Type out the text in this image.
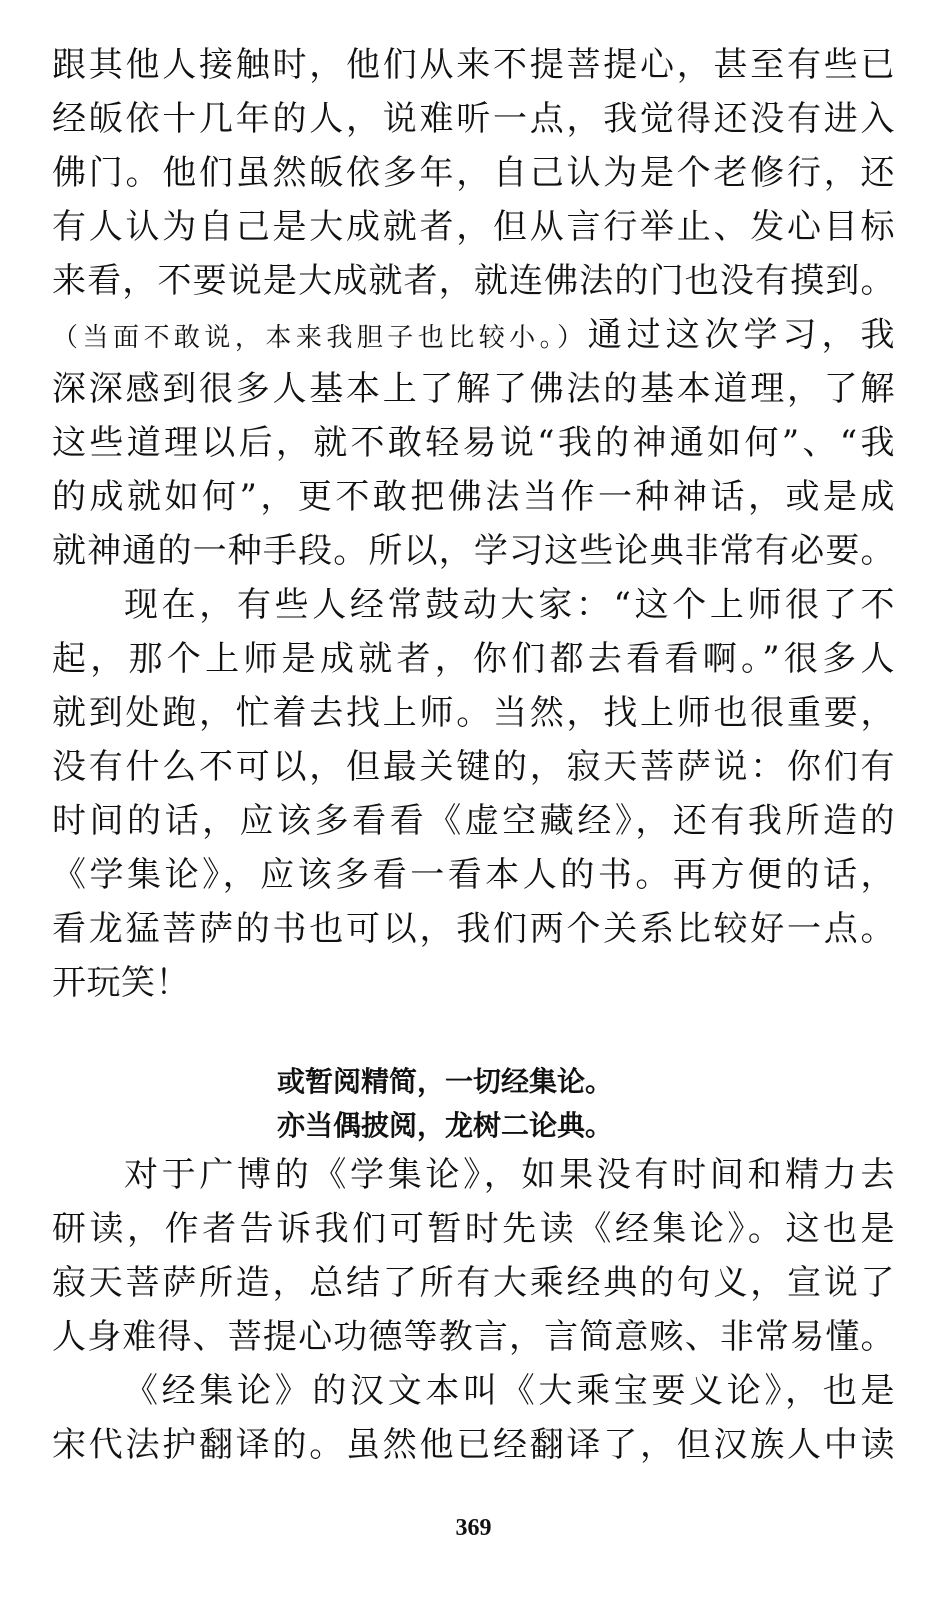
跟其他人接触时，他们从来不提菩提心，甚至有些已
经皈依十几年的人，说难听一点，我觉得还没有进入
佛门。他们虽然皈依多年，自己认为是个老修行，还
有人认为自己是大成就者，但从言行举止、发心目标
来看，不要说是大成就者，就连佛法的门也没有摸到。
（当面不敢说，本来我胆子也比较小。）通过这次学习，我
深深感到很多人基本上了解了佛法的基本道理，了解
这些道理以后，就不敢轻易说“我的神通如何”、“我
的成就如何”，更不敢把佛法当作一种神话，或是成
就神通的一种手段。所以，学习这些论典非常有必要。
现在，有些人经常鼓动大家：“这个上师很了不
起，那个上师是成就者，你们都去看看啊。”很多人
就到处跑，忙着去找上师。当然，找上师也很重要，
没有什么不可以，但最关键的，寂天菩萨说：你们有
时间的话，应该多看看《虚空藏经》，还有我所造的
《学集论》，应该多看一看本人的书。再方便的话，
看龙猛菩萨的书也可以，我们两个关系比较好一点。
开玩笑！
或暂阅精简，一切经集论。
亦当偶披阅，龙树二论典。
对于广博的《学集论》，如果没有时间和精力去
研读，作者告诉我们可暂时先读《经集论》。这也是
寂天菩萨所造，总结了所有大乘经典的句义，宣说了
人身难得、菩提心功德等教言，言简意赅、非常易懂。
《经集论》的汉文本叫《大乘宝要义论》，也是
宋代法护翻译的。虽然他已经翻译了，但汉族人中读
369
